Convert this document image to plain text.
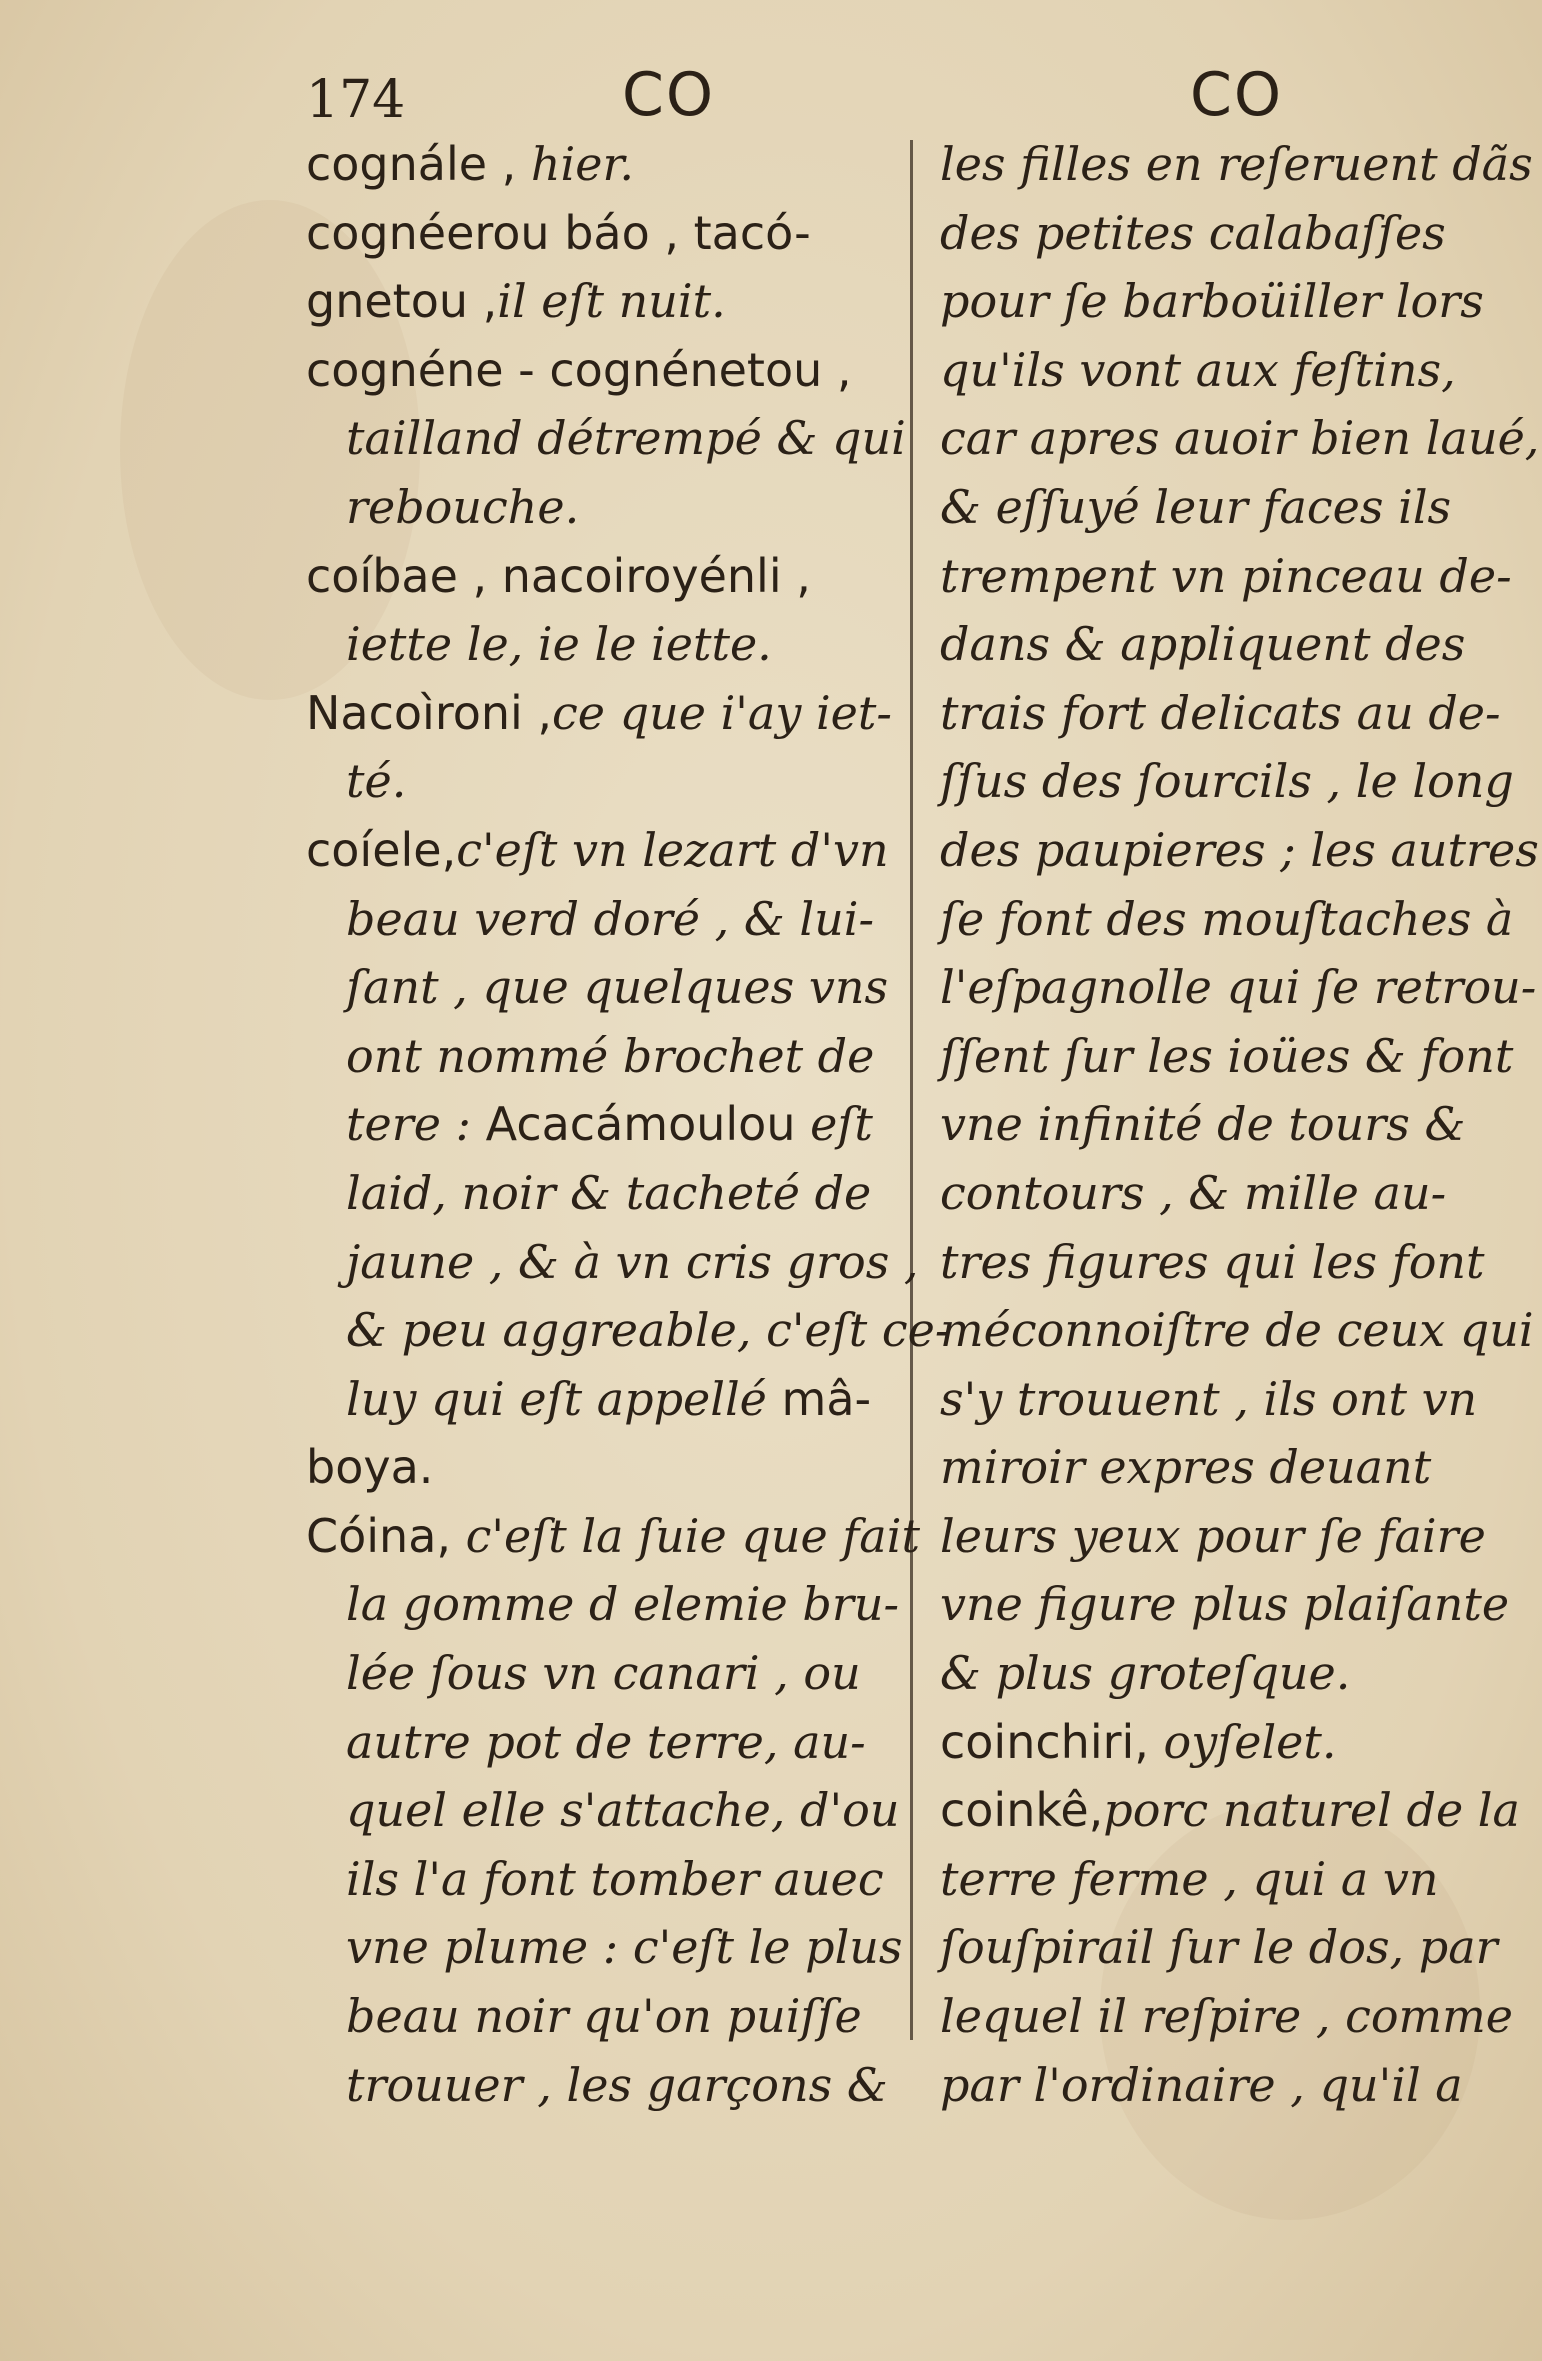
174	CO	CO
cognále , hier.
cognéerou báo , tacó-
gnetou ,il eſt nuit.
cognéne - cognénetou ,
tailland détrempé & qui
rebouche.
coíbae , nacoiroyénli ,
iette le, ie le iette.
Nacoìroni ,ce que i'ay iet-
té.
coíele,c'eſt vn lezart d'vn
beau verd doré , & lui-
ſant , que quelques vns
ont nommé brochet de
tere : Acacámoulou eſt
laid, noir & tacheté de
jaune , & à vn cris gros ,
& peu aggreable, c'eſt ce-
luy qui eſt appellé mâ-
boya.
Cóina, c'eſt la ſuie que fait
la gomme d elemie bru-
lée ſous vn canari , ou
autre pot de terre, au-
quel elle s'attache, d'ou
ils l'a font tomber auec
vne plume : c'eſt le plus
beau noir qu'on puiſſe
trouuer , les garçons &
les filles en reſeruent dãs
des petites calabaſſes
pour ſe barboüiller lors
qu'ils vont aux feſtins,
car apres auoir bien laué,
& eſſuyé leur faces ils
trempent vn pinceau de-
dans & appliquent des
trais fort delicats au de-
ſſus des ſourcils , le long
des paupieres ; les autres
ſe font des mouſtaches à
l'eſpagnolle qui ſe retrou-
ſſent ſur les ioües & font
vne infinité de tours &
contours , & mille au-
tres figures qui les font
méconnoiſtre de ceux qui
s'y trouuent , ils ont vn
miroir expres deuant
leurs yeux pour ſe faire
vne figure plus plaiſante
& plus groteſque.
coinchiri, oyſelet.
coinkê,porc naturel de la
terre ferme , qui a vn
ſouſpirail ſur le dos, par
lequel il reſpire , comme
par l'ordinaire , qu'il a
